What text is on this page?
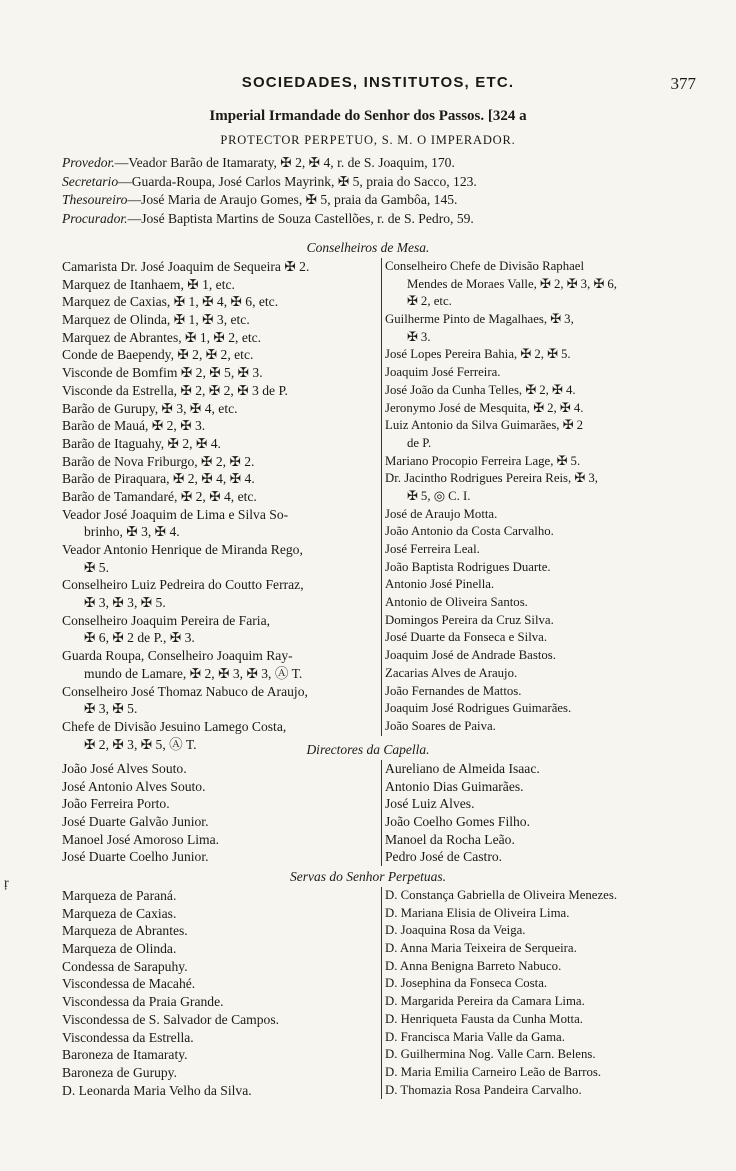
SOCIEDADES, INSTITUTOS, ETC.	377
Imperial Irmandade do Senhor dos Passos. [324 a
PROTECTOR PERPETUO, S. M. O IMPERADOR.
Provedor.—Veador Barão de Itamaraty, ✠ 2, ✠ 4, r. de S. Joaquim, 170.
Secretario—Guarda-Roupa, José Carlos Mayrink, ✠ 5, praia do Sacco, 123.
Thesoureiro—José Maria de Araujo Gomes, ✠ 5, praia da Gambôa, 145.
Procurador.—José Baptista Martins de Souza Castellões, r. de S. Pedro, 59.
Conselheiros de Mesa.
Camarista Dr. José Joaquim de Sequeira ✠ 2.
Marquez de Itanhaem, ✠ 1, etc.
Marquez de Caxias, ✠ 1, ✠ 4, ✠ 6, etc.
Marquez de Olinda, ✠ 1, ✠ 3, etc.
Marquez de Abrantes, ✠ 1, ✠ 2, etc.
Conde de Baependy, ✠ 2, ✠ 2, etc.
Visconde de Bomfim ✠ 2, ✠ 5, ✠ 3.
Visconde da Estrella, ✠ 2, ✠ 2, ✠ 3 de P.
Barão de Gurupy, ✠ 3, ✠ 4, etc.
Barão de Mauá, ✠ 2, ✠ 3.
Barão de Itaguahy, ✠ 2, ✠ 4.
Barão de Nova Friburgo, ✠ 2, ✠ 2.
Barão de Piraquara, ✠ 2, ✠ 4, ✠ 4.
Barão de Tamandaré, ✠ 2, ✠ 4, etc.
Veador José Joaquim de Lima e Silva So-
brinho, ✠ 3, ✠ 4.
Veador Antonio Henrique de Miranda Rego,
✠ 5.
Conselheiro Luiz Pedreira do Coutto Ferraz,
✠ 3, ✠ 3, ✠ 5.
Conselheiro Joaquim Pereira de Faria,
✠ 6, ✠ 2 de P., ✠ 3.
Guarda Roupa, Conselheiro Joaquim Ray-
mundo de Lamare, ✠ 2, ✠ 3, ✠ 3, Ⓐ T.
Conselheiro José Thomaz Nabuco de Araujo,
✠ 3, ✠ 5.
Chefe de Divisão Jesuino Lamego Costa,
✠ 2, ✠ 3, ✠ 5, Ⓐ T.
Conselheiro Chefe de Divisão Raphael
Mendes de Moraes Valle, ✠ 2, ✠ 3, ✠ 6,
✠ 2, etc.
Guilherme Pinto de Magalhaes, ✠ 3,
✠ 3.
José Lopes Pereira Bahia, ✠ 2, ✠ 5.
Joaquim José Ferreira.
José João da Cunha Telles, ✠ 2, ✠ 4.
Jeronymo José de Mesquita, ✠ 2, ✠ 4.
Luiz Antonio da Silva Guimarães, ✠ 2
de P.
Mariano Procopio Ferreira Lage, ✠ 5.
Dr. Jacintho Rodrigues Pereira Reis, ✠ 3,
✠ 5, ◎ C. I.
José de Araujo Motta.
João Antonio da Costa Carvalho.
José Ferreira Leal.
João Baptista Rodrigues Duarte.
Antonio José Pinella.
Antonio de Oliveira Santos.
Domingos Pereira da Cruz Silva.
José Duarte da Fonseca e Silva.
Joaquim José de Andrade Bastos.
Zacarias Alves de Araujo.
João Fernandes de Mattos.
Joaquim José Rodrigues Guimarães.
João Soares de Paiva.
Directores da Capella.
João José Alves Souto.
José Antonio Alves Souto.
João Ferreira Porto.
José Duarte Galvão Junior.
Manoel José Amoroso Lima.
José Duarte Coelho Junior.
Aureliano de Almeida Isaac.
Antonio Dias Guimarães.
José Luiz Alves.
João Coelho Gomes Filho.
Manoel da Rocha Leão.
Pedro José de Castro.
Servas do Senhor Perpetuas.
Marqueza de Paraná.
Marqueza de Caxias.
Marqueza de Abrantes.
Marqueza de Olinda.
Condessa de Sarapuhy.
Viscondessa de Macahé.
Viscondessa da Praia Grande.
Viscondessa de S. Salvador de Campos.
Viscondessa da Estrella.
Baroneza de Itamaraty.
Baroneza de Gurupy.
D. Leonarda Maria Velho da Silva.
D. Constança Gabriella de Oliveira Menezes.
D. Mariana Elisia de Oliveira Lima.
D. Joaquina Rosa da Veiga.
D. Anna Maria Teixeira de Serqueira.
D. Anna Benigna Barreto Nabuco.
D. Josephina da Fonseca Costa.
D. Margarida Pereira da Camara Lima.
D. Henriqueta Fausta da Cunha Motta.
D. Francisca Maria Valle da Gama.
D. Guilhermina Nog. Valle Carn. Belens.
D. Maria Emilia Carneiro Leão de Barros.
D. Thomazia Rosa Pandeira Carvalho.
ŗ
